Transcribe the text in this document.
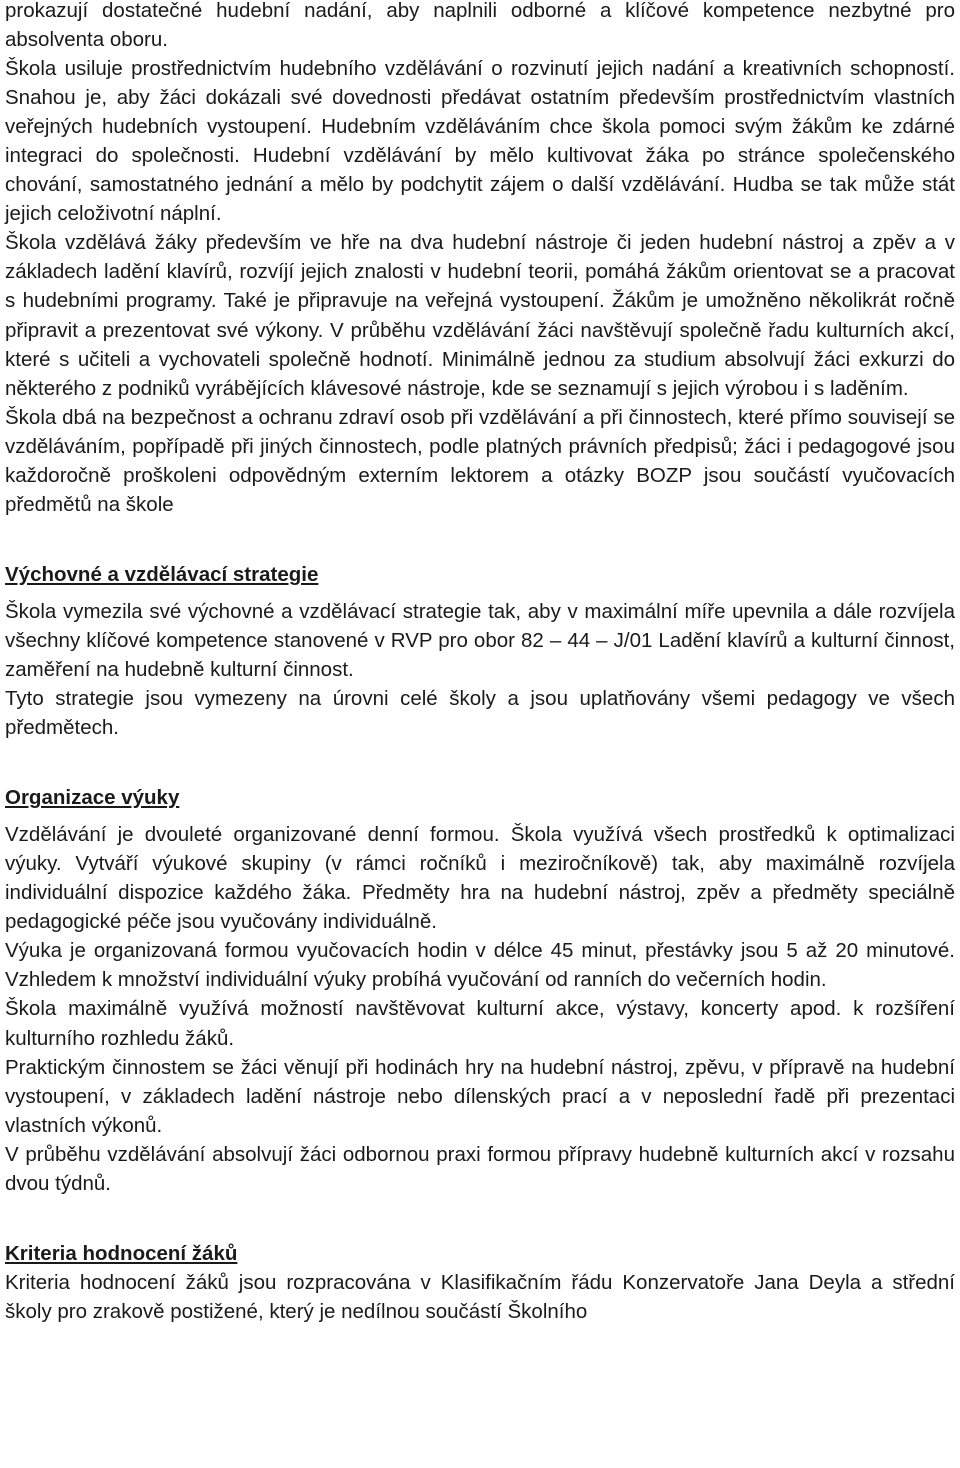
prokazují dostatečné hudební nadání, aby naplnili odborné a klíčové kompetence nezbytné pro absolventa oboru.

Škola usiluje prostřednictvím hudebního vzdělávání o rozvinutí jejich nadání a kreativních schopností. Snahou je, aby žáci dokázali své dovednosti předávat ostatním především prostřednictvím vlastních veřejných hudebních vystoupení. Hudebním vzděláváním chce škola pomoci svým žákům ke zdárné integraci do společnosti. Hudební vzdělávání by mělo kultivovat žáka po stránce společenského chování, samostatného jednání a mělo by podchytit zájem o další vzdělávání. Hudba se tak může stát jejich celoživotní náplní.

Škola vzdělává žáky především ve hře na dva hudební nástroje či jeden hudební nástroj a zpěv a v základech ladění klavírů, rozvíjí jejich znalosti v hudební teorii, pomáhá žákům orientovat se a pracovat s hudebními programy. Také je připravuje na veřejná vystoupení. Žákům je umožněno několikrát ročně připravit a prezentovat své výkony. V průběhu vzdělávání žáci navštěvují společně řadu kulturních akcí, které s učiteli a vychovateli společně hodnotí. Minimálně jednou za studium absolvují žáci exkurzi do některého z podniků vyrábějících klávesové nástroje, kde se seznamují s jejich výrobou i s laděním.

Škola dbá na bezpečnost a ochranu zdraví osob při vzdělávání a při činnostech, které přímo souvisejí se vzděláváním, popřípadě při jiných činnostech, podle platných právních předpisů; žáci i pedagogové jsou každoročně proškoleni odpovědným externím lektorem a otázky BOZP jsou součástí vyučovacích předmětů na škole

Výchovné a vzdělávací strategie

Škola vymezila své výchovné a vzdělávací strategie tak, aby v maximální míře upevnila a dále rozvíjela všechny klíčové kompetence stanovené v RVP pro obor 82 – 44 – J/01 Ladění klavírů a kulturní činnost, zaměření na hudebně kulturní činnost.

Tyto strategie jsou vymezeny na úrovni celé školy a jsou uplatňovány všemi pedagogy ve všech předmětech.

Organizace výuky

Vzdělávání je dvouleté organizované denní formou. Škola využívá všech prostředků k optimalizaci výuky. Vytváří výukové skupiny (v rámci ročníků i meziročníkově) tak, aby maximálně rozvíjela individuální dispozice každého žáka. Předměty hra na hudební nástroj, zpěv a předměty speciálně pedagogické péče jsou vyučovány individuálně.

Výuka je organizovaná formou vyučovacích hodin v délce 45 minut, přestávky jsou 5 až 20 minutové. Vzhledem k množství individuální výuky probíhá vyučování od ranních do večerních hodin.

Škola maximálně využívá možností navštěvovat kulturní akce, výstavy, koncerty apod. k rozšíření kulturního rozhledu žáků.

Praktickým činnostem se žáci věnují při hodinách hry na hudební nástroj, zpěvu, v přípravě na hudební vystoupení, v základech ladění nástroje nebo dílenských prací a v neposlední řadě při prezentaci vlastních výkonů.

V průběhu vzdělávání absolvují žáci odbornou praxi formou přípravy hudebně kulturních akcí v rozsahu dvou týdnů.

Kriteria hodnocení žáků

Kriteria hodnocení žáků jsou rozpracována v Klasifikačním řádu Konzervatoře Jana Deyla a střední školy pro zrakově postižené, který je nedílnou součástí Školního
